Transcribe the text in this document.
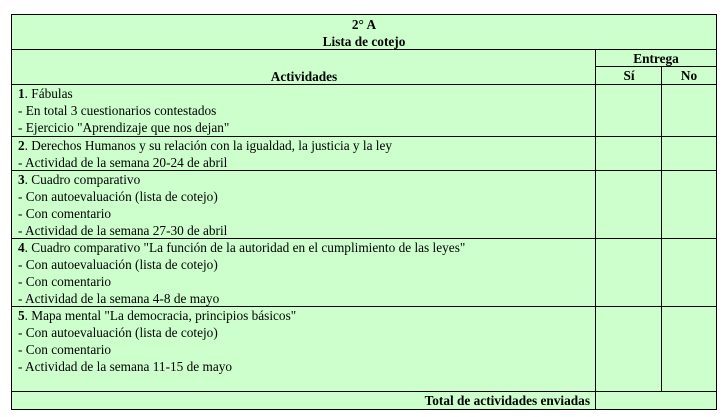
2° A
Lista de cotejo
Actividades
Entrega
Sí	No
1. Fábulas
- En total 3 cuestionarios contestados
- Ejercicio "Aprendizaje que nos dejan"
2. Derechos Humanos y su relación con la igualdad, la justicia y la ley
- Actividad de la semana 20-24 de abril
3. Cuadro comparativo
- Con autoevaluación (lista de cotejo)
- Con comentario
- Actividad de la semana 27-30 de abril
4. Cuadro comparativo "La función de la autoridad en el cumplimiento de las leyes"
- Con autoevaluación (lista de cotejo)
- Con comentario
- Actividad de la semana 4-8 de mayo
5. Mapa mental "La democracia, principios básicos"
- Con autoevaluación (lista de cotejo)
- Con comentario
- Actividad de la semana 11-15 de mayo
Total de actividades enviadas
